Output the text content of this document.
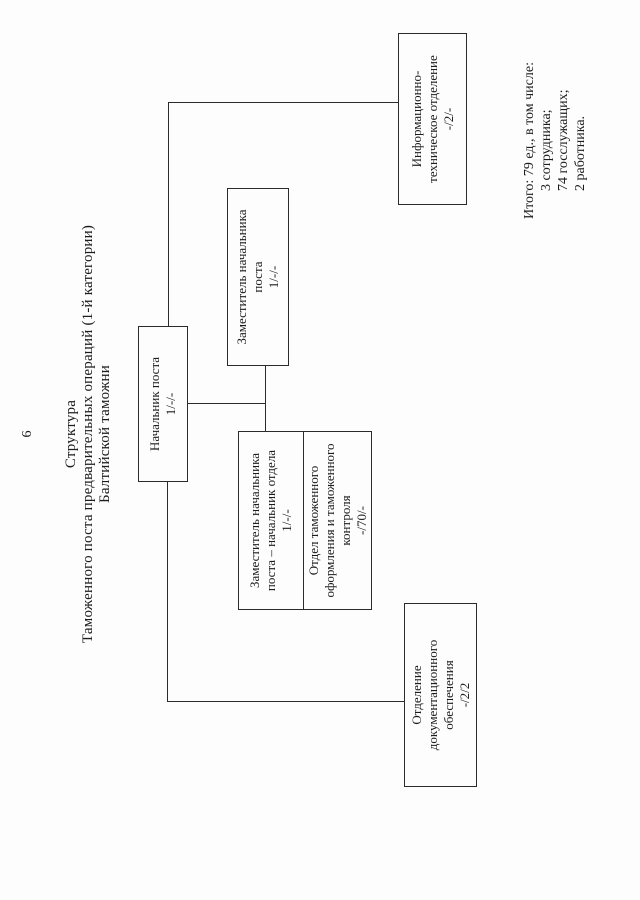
6 Структура Таможенного поста предварительных операций (1-й категории) Балтийской таможни	Начальник поста 1/-/-
Заместитель начальника поста 1/-/-
Заместитель начальника поста – начальник отдела 1/-/- Отдел таможенного оформления и таможенного контроля -/70/-
Отделение документационного обеспечения -/2/2
Информационно- техническое отделение -/2/-	Итого: 79 ед., в том числе: 3 сотрудника; 74 госслужащих; 2 работника.
